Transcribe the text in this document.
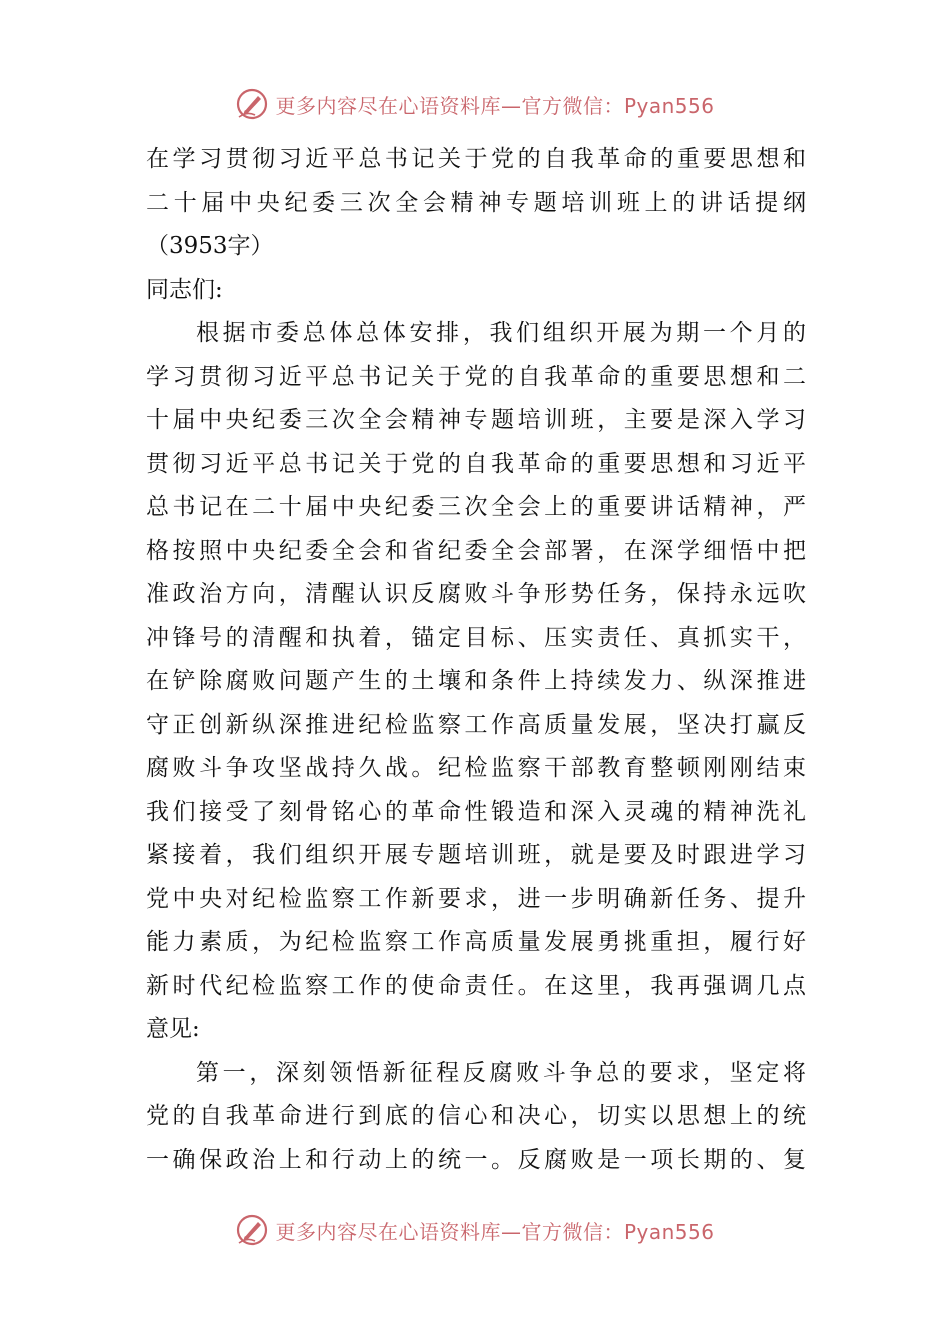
更多内容尽在心语资料库—官方微信：Pyan556
在学习贯彻习近平总书记关于党的自我革命的重要思想和
二十届中央纪委三次全会精神专题培训班上的讲话提纲
（3953字）
同志们:
根据市委总体总体安排，我们组织开展为期一个月的
学习贯彻习近平总书记关于党的自我革命的重要思想和二
十届中央纪委三次全会精神专题培训班，主要是深入学习
贯彻习近平总书记关于党的自我革命的重要思想和习近平
总书记在二十届中央纪委三次全会上的重要讲话精神，严
格按照中央纪委全会和省纪委全会部署，在深学细悟中把
准政治方向，清醒认识反腐败斗争形势任务，保持永远吹
冲锋号的清醒和执着，锚定目标、压实责任、真抓实干，
在铲除腐败问题产生的土壤和条件上持续发力、纵深推进
守正创新纵深推进纪检监察工作高质量发展，坚决打赢反
腐败斗争攻坚战持久战。纪检监察干部教育整顿刚刚结束
我们接受了刻骨铭心的革命性锻造和深入灵魂的精神洗礼
紧接着，我们组织开展专题培训班，就是要及时跟进学习
党中央对纪检监察工作新要求，进一步明确新任务、提升
能力素质，为纪检监察工作高质量发展勇挑重担，履行好
新时代纪检监察工作的使命责任。在这里，我再强调几点
意见:
第一，深刻领悟新征程反腐败斗争总的要求，坚定将
党的自我革命进行到底的信心和决心，切实以思想上的统
一确保政治上和行动上的统一。反腐败是一项长期的、复
更多内容尽在心语资料库—官方微信：Pyan556
